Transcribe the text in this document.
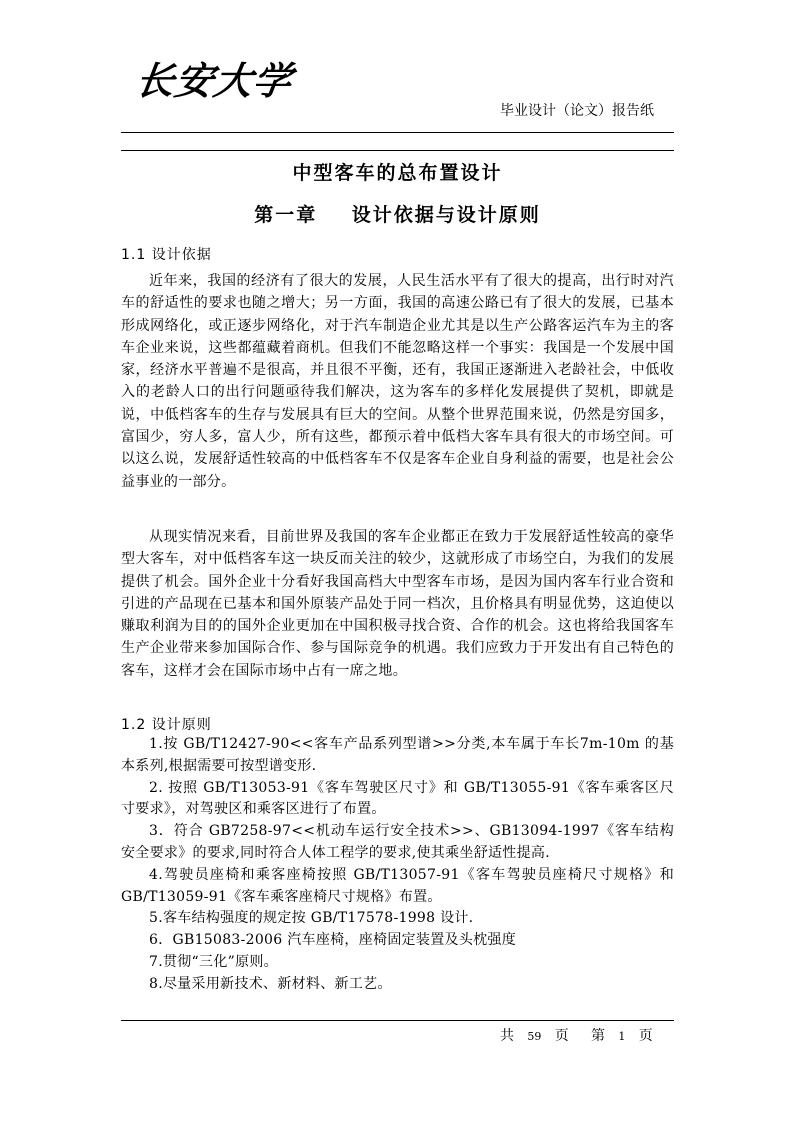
长安大学
毕业设计（论文）报告纸
中型客车的总布置设计
第一章 设计依据与设计原则
1.1 设计依据

近年来，我国的经济有了很大的发展，人民生活水平有了很大的提高，出行时对汽车的舒适性的要求也随之增大；另一方面，我国的高速公路已有了很大的发展，已基本形成网络化，或正逐步网络化，对于汽车制造企业尤其是以生产公路客运汽车为主的客车企业来说，这些都蕴藏着商机。但我们不能忽略这样一个事实：我国是一个发展中国家，经济水平普遍不是很高，并且很不平衡，还有，我国正逐渐进入老龄社会，中低收入的老龄人口的出行问题亟待我们解决，这为客车的多样化发展提供了契机，即就是说，中低档客车的生存与发展具有巨大的空间。从整个世界范围来说，仍然是穷国多，富国少，穷人多，富人少，所有这些，都预示着中低档大客车具有很大的市场空间。可以这么说，发展舒适性较高的中低档客车不仅是客车企业自身利益的需要，也是社会公益事业的一部分。

从现实情况来看，目前世界及我国的客车企业都正在致力于发展舒适性较高的豪华型大客车，对中低档客车这一块反而关注的较少，这就形成了市场空白，为我们的发展提供了机会。国外企业十分看好我国高档大中型客车市场，是因为国内客车行业合资和引进的产品现在已基本和国外原装产品处于同一档次，且价格具有明显优势，这迫使以赚取利润为目的的国外企业更加在中国积极寻找合资、合作的机会。这也将给我国客车生产企业带来参加国际合作、参与国际竞争的机遇。我们应致力于开发出有自己特色的客车，这样才会在国际市场中占有一席之地。

1.2 设计原则
1.按 GB/T12427-90<<客车产品系列型谱>>分类,本车属于车长7m-10m 的基本系列,根据需要可按型谱变形.
2. 按照 GB/T13053-91《客车驾驶区尺寸》和 GB/T13055-91《客车乘客区尺寸要求》，对驾驶区和乘客区进行了布置。
3．符合 GB7258-97<<机动车运行安全技术>>、GB13094-1997《客车结构安全要求》的要求,同时符合人体工程学的要求,使其乘坐舒适性提高.
4.驾驶员座椅和乘客座椅按照 GB/T13057-91《客车驾驶员座椅尺寸规格》和 GB/T13059-91《客车乘客座椅尺寸规格》布置。
5.客车结构强度的规定按 GB/T17578-1998 设计.
6．GB15083-2006 汽车座椅，座椅固定装置及头枕强度
7.贯彻“三化”原则。
8.尽量采用新技术、新材料、新工艺。
共 59 页 第 1 页
